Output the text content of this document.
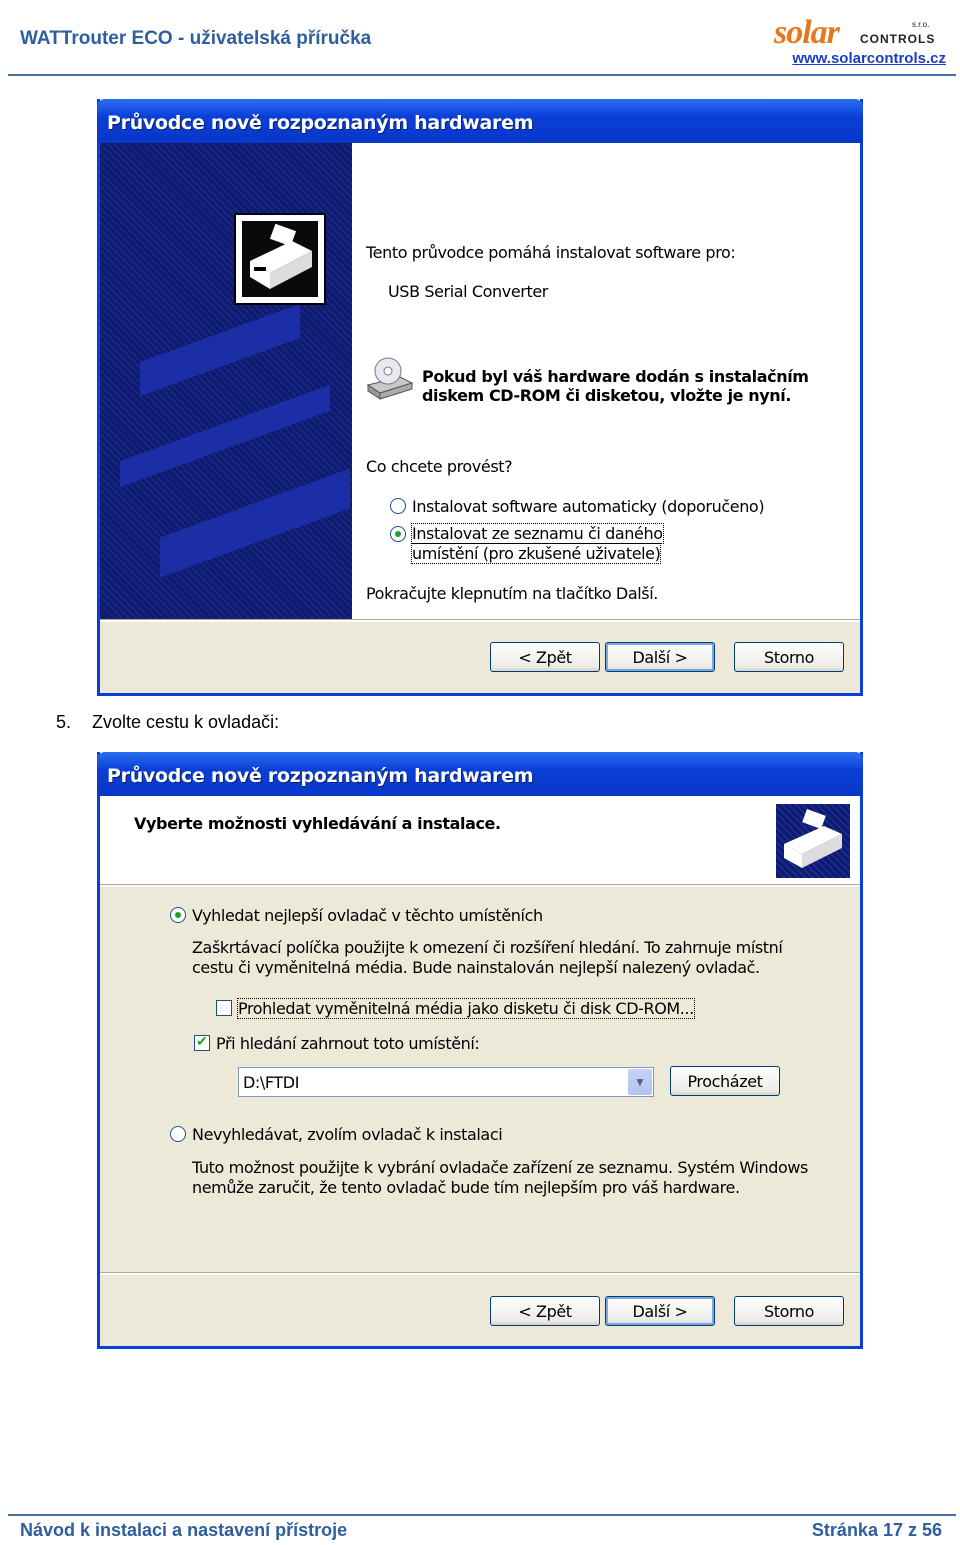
WATTrouter ECO - uživatelská příručka	solar	s.r.o.
CONTROLS
www.solarcontrols.cz
Průvodce nově rozpoznaným hardwarem
Tento průvodce pomáhá instalovat software pro:
USB Serial Converter
Pokud byl váš hardware dodán s instalačním
diskem CD-ROM či disketou, vložte je nyní.
Co chcete provést?
Instalovat software automaticky (doporučeno)
Instalovat ze seznamu či daného
umístění (pro zkušené uživatele)
Pokračujte klepnutím na tlačítko Další.
< Zpět	Další >	Storno
5. Zvolte cestu k ovladači:
Průvodce nově rozpoznaným hardwarem
Vyberte možnosti vyhledávání a instalace.
Vyhledat nejlepší ovladač v těchto umístěních
Zaškrtávací políčka použijte k omezení či rozšíření hledání. To zahrnuje místní
cestu či vyměnitelná média. Bude nainstalován nejlepší nalezený ovladač.
Prohledat vyměnitelná média jako disketu či disk CD-ROM...
✔
Při hledání zahrnout toto umístění:
D:\FTDI	▼	Procházet
Nevyhledávat, zvolím ovladač k instalaci
Tuto možnost použijte k vybrání ovladače zařízení ze seznamu. Systém Windows
nemůže zaručit, že tento ovladač bude tím nejlepším pro váš hardware.
< Zpět	Další >	Storno
Návod k instalaci a nastavení přístroje	Stránka 17 z 56
